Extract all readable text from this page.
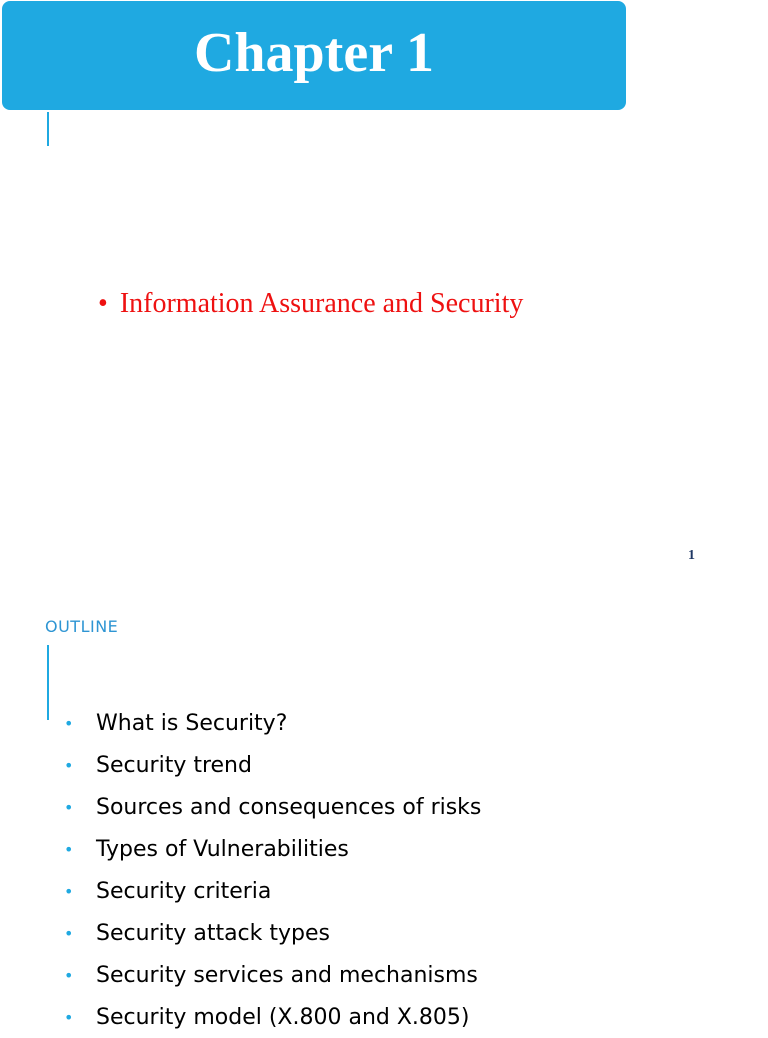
Chapter 1
• Information Assurance and Security
1
OUTLINE
•	What is Security?
•	Security trend
•	Sources and consequences of risks
•	Types of Vulnerabilities
•	Security criteria
•	Security attack types
•	Security services and mechanisms
•	Security model (X.800 and X.805)
